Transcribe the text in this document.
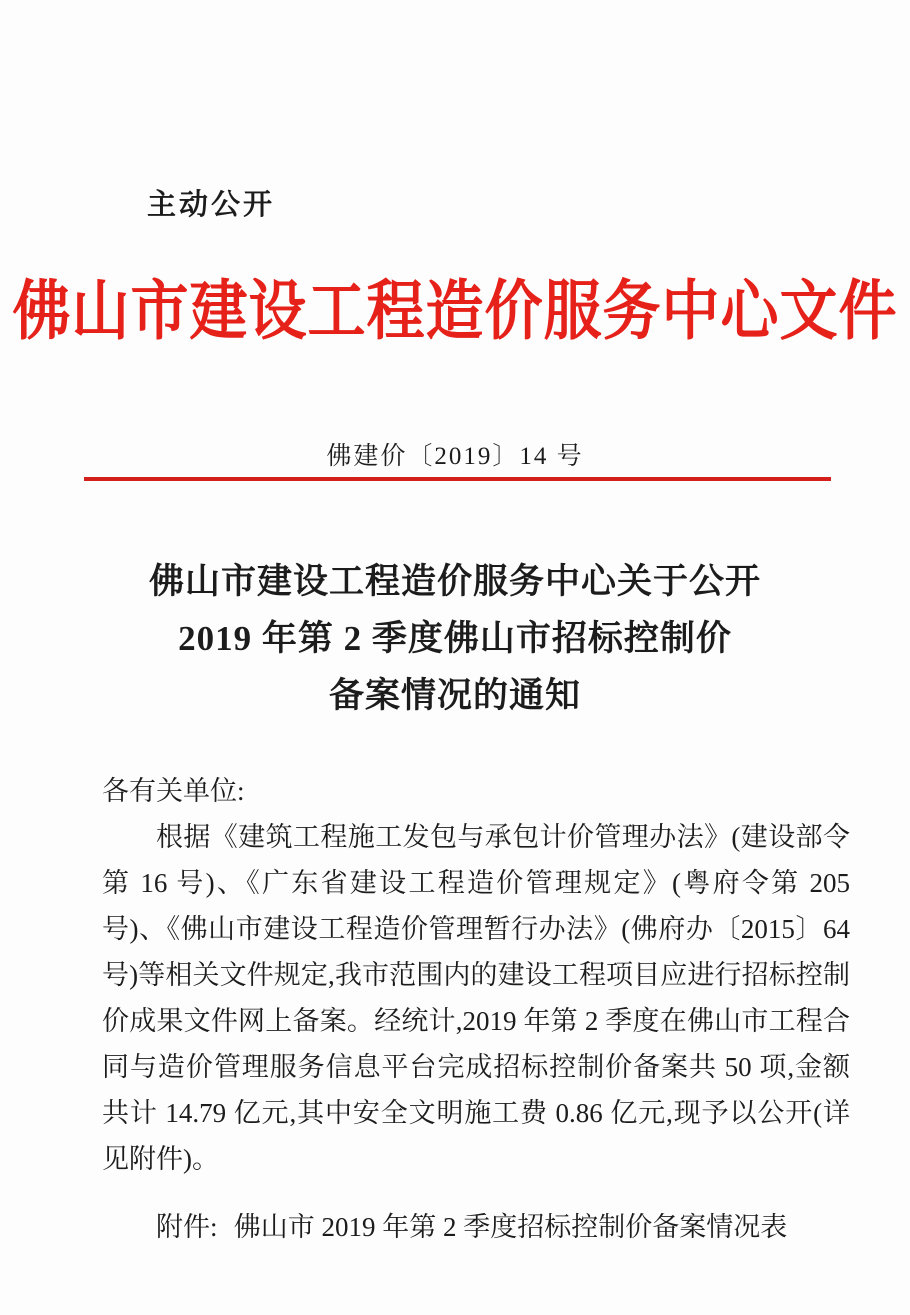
主动公开
佛山市建设工程造价服务中心文件
佛建价〔2019〕14 号
佛山市建设工程造价服务中心关于公开
2019 年第 2 季度佛山市招标控制价
备案情况的通知
各有关单位:

根据《建筑工程施工发包与承包计价管理办法》(建设部令第 16 号)、《广东省建设工程造价管理规定》(粤府令第 205 号)、《佛山市建设工程造价管理暂行办法》(佛府办〔2015〕64 号)等相关文件规定,我市范围内的建设工程项目应进行招标控制价成果文件网上备案。经统计,2019 年第 2 季度在佛山市工程合同与造价管理服务信息平台完成招标控制价备案共 50 项,金额共计 14.79 亿元,其中安全文明施工费 0.86 亿元,现予以公开(详见附件)。

附件: 佛山市 2019 年第 2 季度招标控制价备案情况表
